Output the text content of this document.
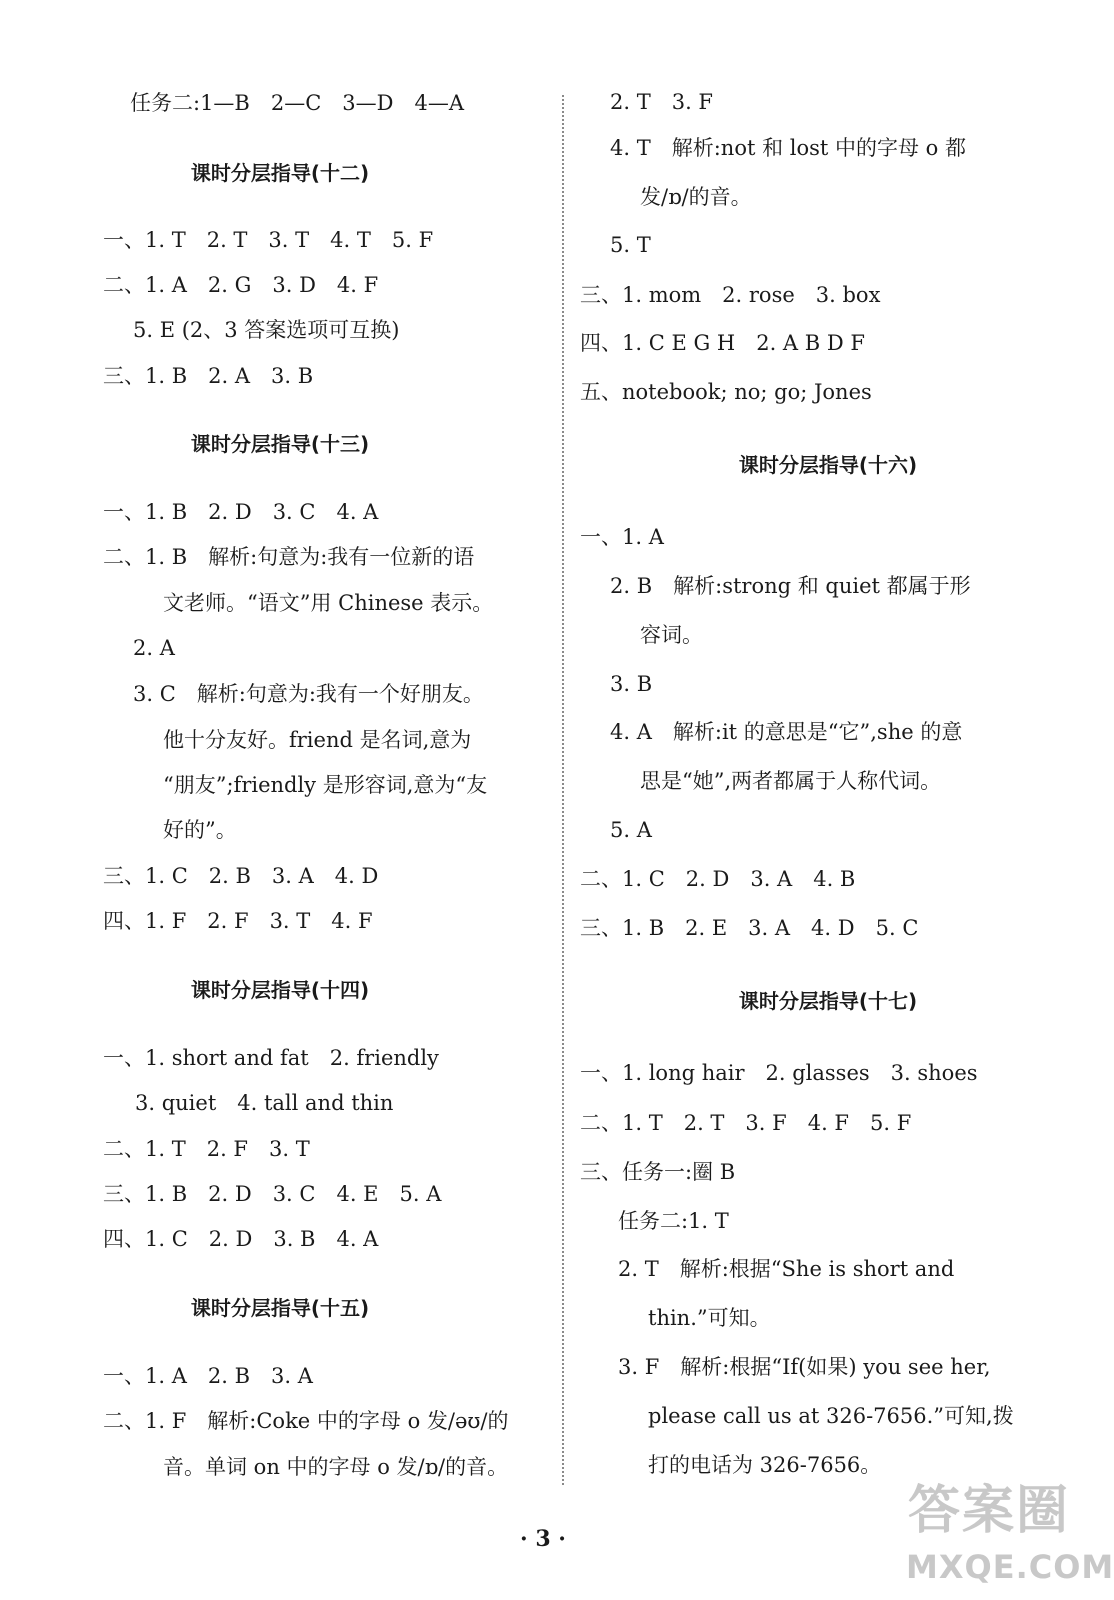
任务二:1—B　2—C　3—D　4—A
课时分层指导(十二)
一、1. T　2. T　3. T　4. T　5. F
二、1. A　2. G　3. D　4. F
5. E (2、3 答案选项可互换)
三、1. B　2. A　3. B
课时分层指导(十三)
一、1. B　2. D　3. C　4. A
二、1. B　解析:句意为:我有一位新的语
文老师。“语文”用 Chinese 表示。
2. A
3. C　解析:句意为:我有一个好朋友。
他十分友好。friend 是名词,意为
“朋友”;friendly 是形容词,意为“友
好的”。
三、1. C　2. B　3. A　4. D
四、1. F　2. F　3. T　4. F
课时分层指导(十四)
一、1. short and fat　2. friendly
3. quiet　4. tall and thin
二、1. T　2. F　3. T
三、1. B　2. D　3. C　4. E　5. A
四、1. C　2. D　3. B　4. A
课时分层指导(十五)
一、1. A　2. B　3. A
二、1. F　解析:Coke 中的字母 o 发/əʊ/的
音。单词 on 中的字母 o 发/ɒ/的音。
2. T　3. F
4. T　解析:not 和 lost 中的字母 o 都
发/ɒ/的音。
5. T
三、1. mom　2. rose　3. box
四、1. C E G H　2. A B D F
五、notebook; no; go; Jones
课时分层指导(十六)
一、1. A
2. B　解析:strong 和 quiet 都属于形
容词。
3. B
4. A　解析:it 的意思是“它”,she 的意
思是“她”,两者都属于人称代词。
5. A
二、1. C　2. D　3. A　4. B
三、1. B　2. E　3. A　4. D　5. C
课时分层指导(十七)
一、1. long hair　2. glasses　3. shoes
二、1. T　2. T　3. F　4. F　5. F
三、任务一:圈 B
任务二:1. T
2. T　解析:根据“She is short and
thin.”可知。
3. F　解析:根据“If(如果) you see her,
please call us at 326-7656.”可知,拨
打的电话为 326-7656。
· 3 ·	答案圈
MXQE.COM
